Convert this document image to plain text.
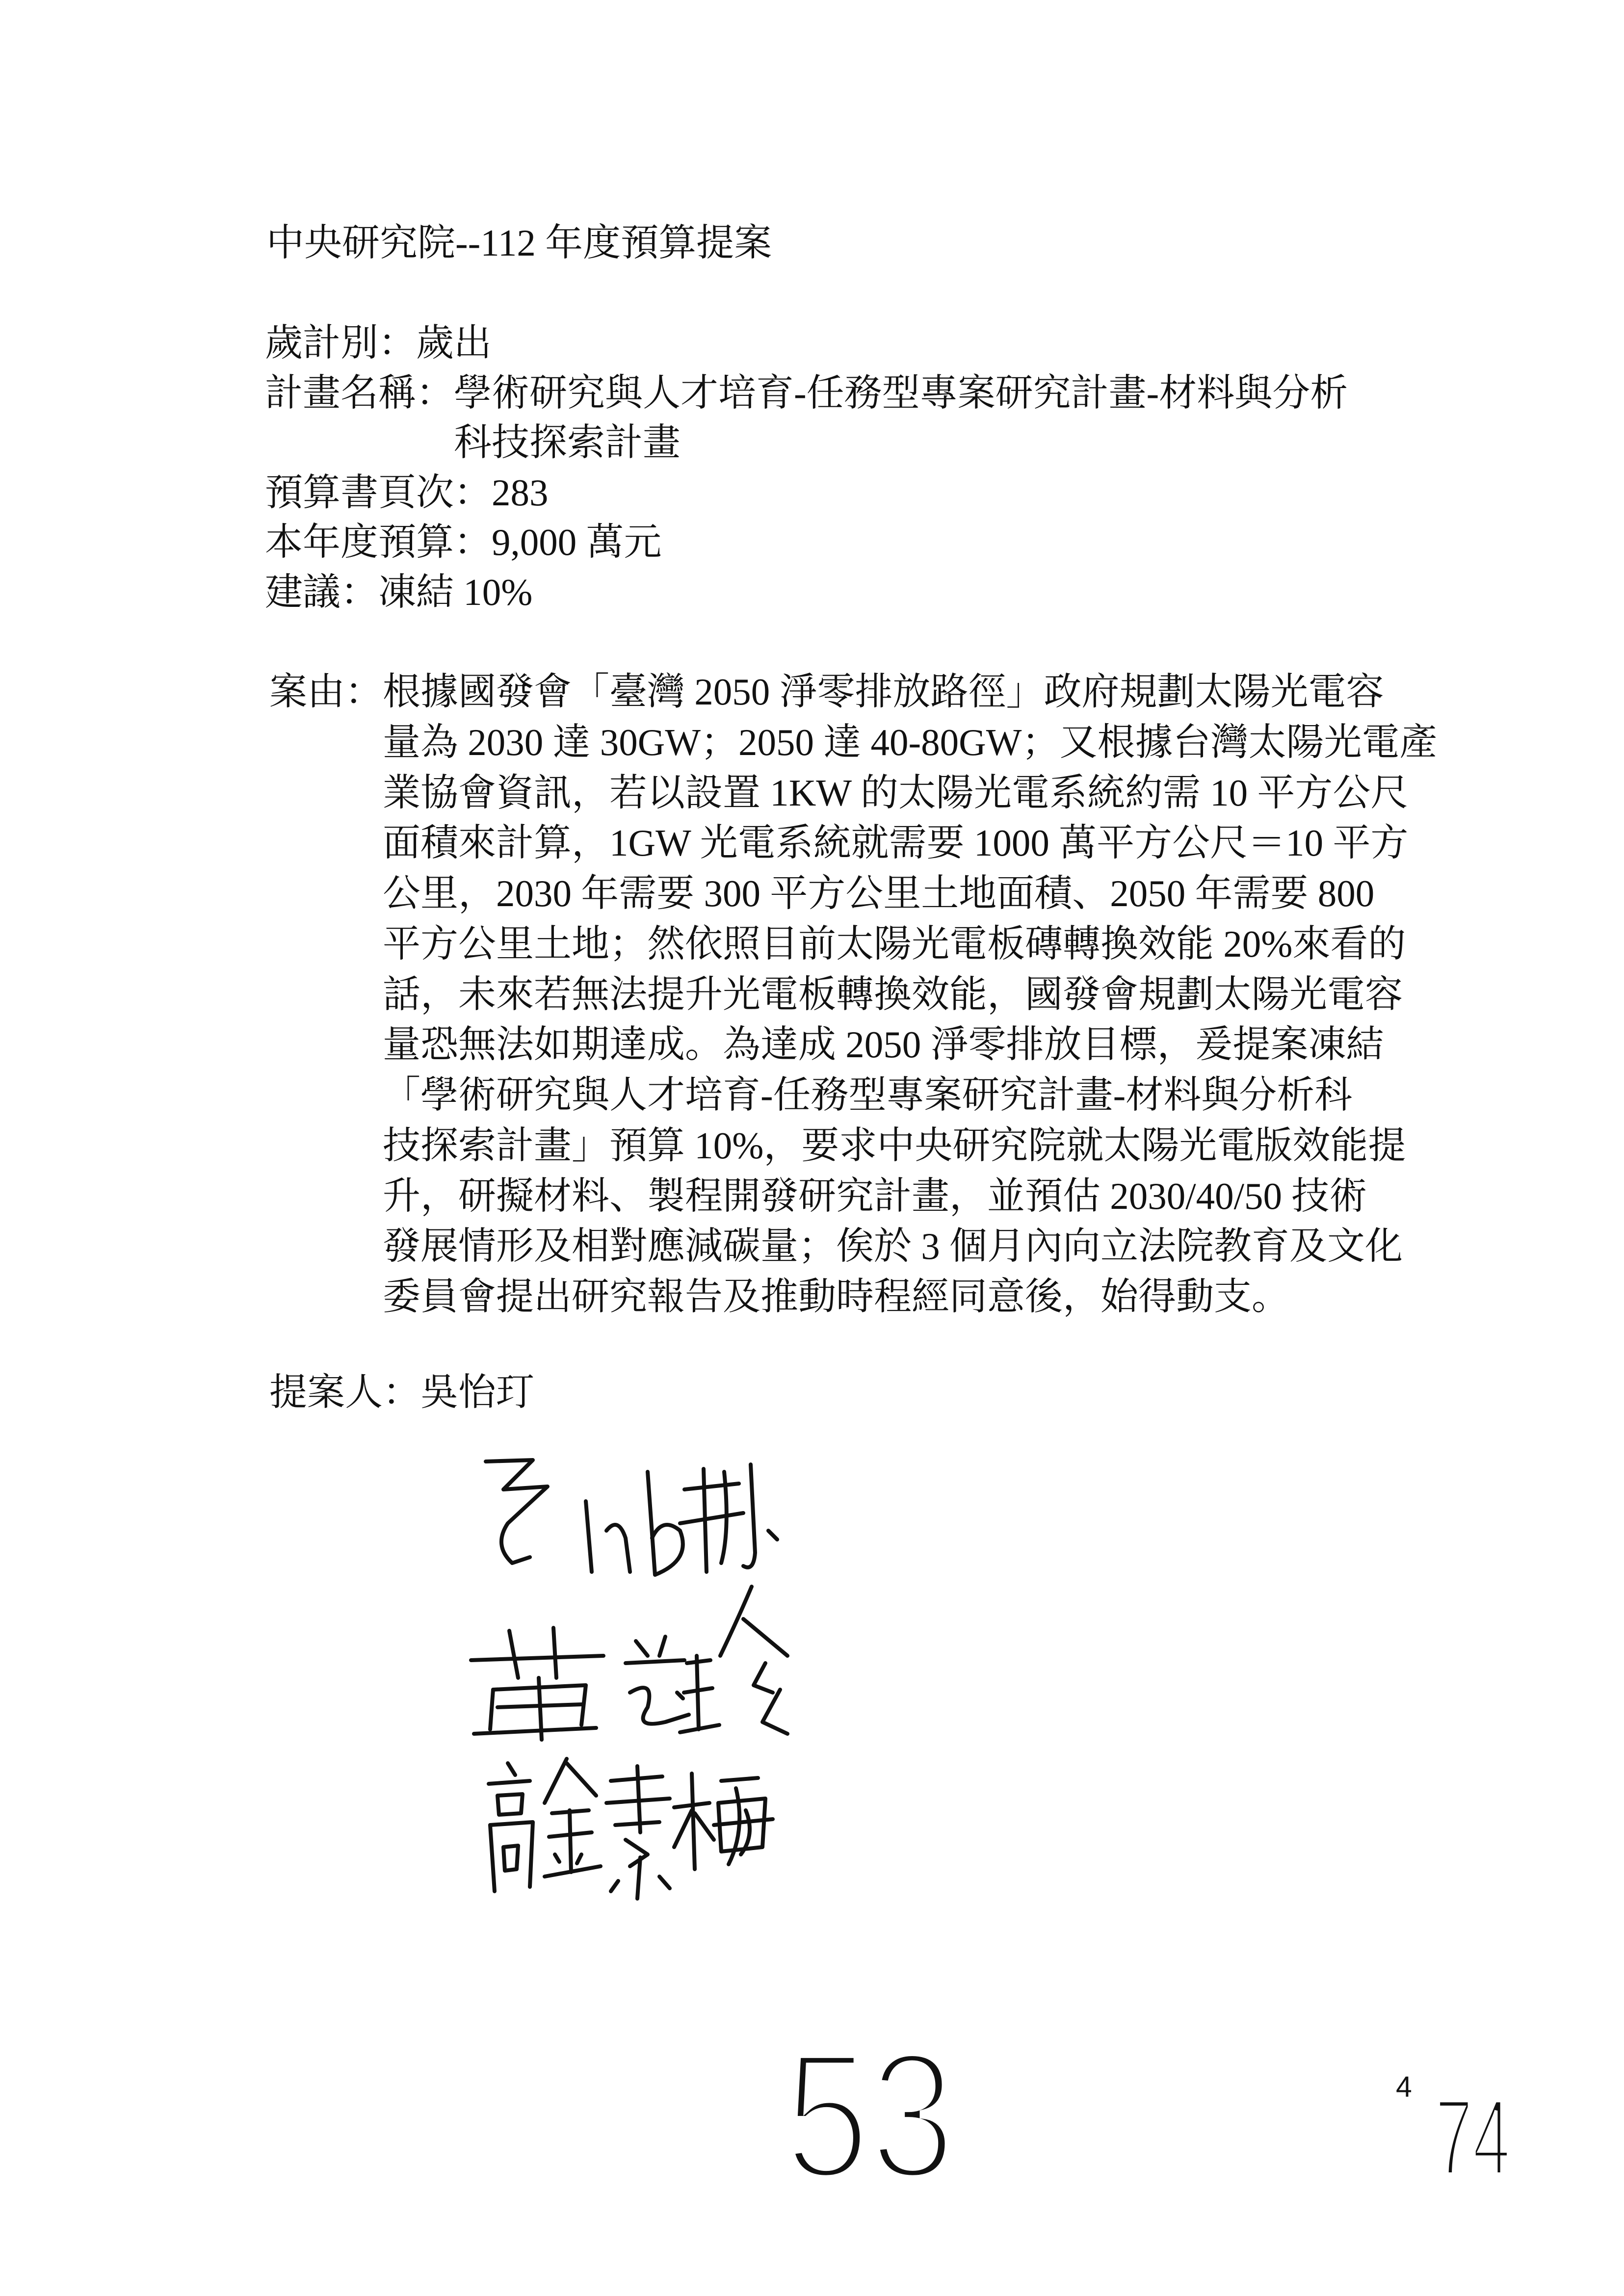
中央研究院--112 年度預算提案
歲計別：歲出
計畫名稱：學術研究與人才培育-任務型專案研究計畫-材料與分析
科技探索計畫
預算書頁次：283
本年度預算：9,000 萬元
建議：凍結 10%
案由：根據國發會「臺灣 2050 淨零排放路徑」政府規劃太陽光電容
量為 2030 達 30GW；2050 達 40-80GW；又根據台灣太陽光電產
業協會資訊，若以設置 1KW 的太陽光電系統約需 10 平方公尺
面積來計算，1GW 光電系統就需要 1000 萬平方公尺＝10 平方
公里，2030 年需要 300 平方公里土地面積、2050 年需要 800
平方公里土地；然依照目前太陽光電板磚轉換效能 20%來看的
話，未來若無法提升光電板轉換效能，國發會規劃太陽光電容
量恐無法如期達成。為達成 2050 淨零排放目標，爰提案凍結
「學術研究與人才培育-任務型專案研究計畫-材料與分析科
技探索計畫」預算 10%，要求中央研究院就太陽光電版效能提
升，研擬材料、製程開發研究計畫，並預估 2030/40/50 技術
發展情形及相對應減碳量；俟於 3 個月內向立法院教育及文化
委員會提出研究報告及推動時程經同意後，始得動支。
提案人：吳怡玎
53	4 74
